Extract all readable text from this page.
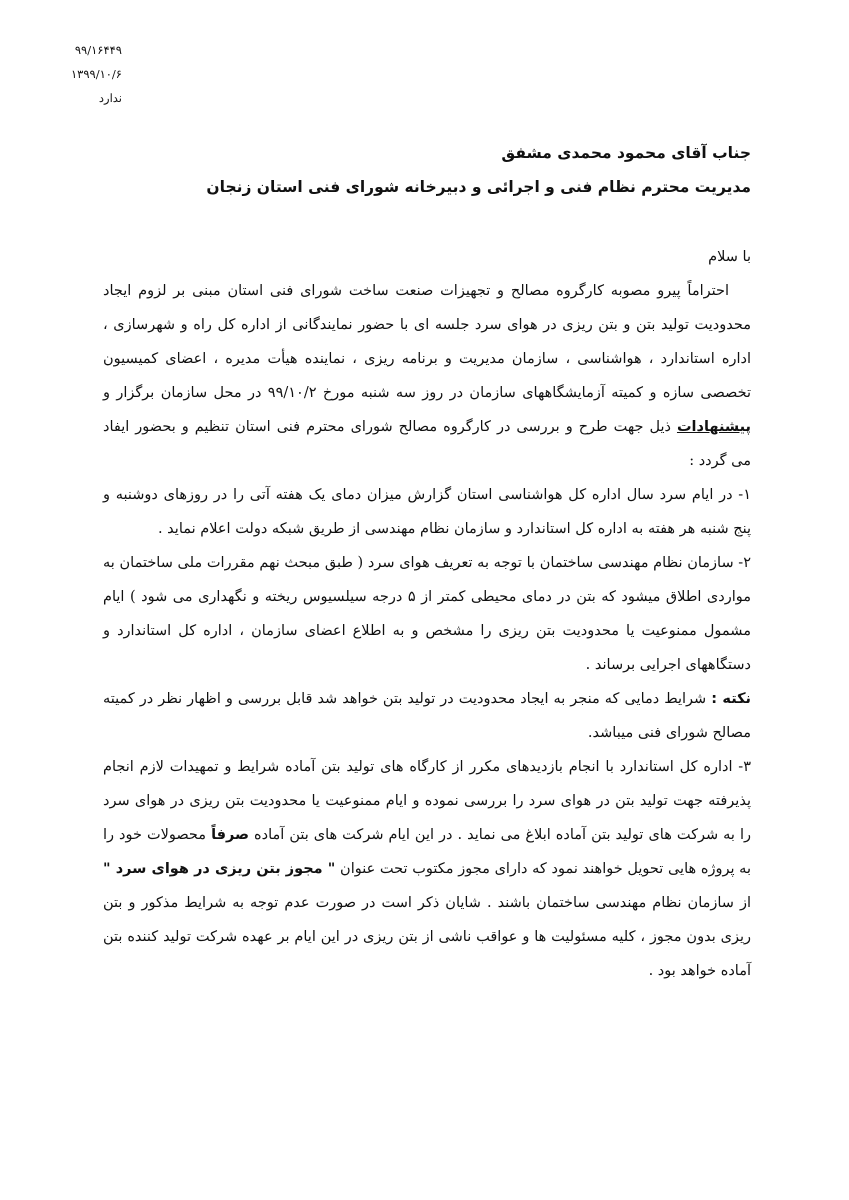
۹۹/۱۶۴۴۹
۱۳۹۹/۱۰/۶
ندارد
جناب آقای محمود محمدی مشفق
مدیریت محترم نظام فنی و اجرائی و دبیرخانه شورای فنی استان زنجان

با سلام

احتراماً پیرو مصوبه کارگروه مصالح و تجهیزات صنعت ساخت شورای فنی استان مبنی بر لزوم ایجاد محدودیت تولید بتن و بتن ریزی در هوای سرد جلسه ای با حضور نمایندگانی از اداره کل راه و شهرسازی ، اداره استاندارد ، هواشناسی ، سازمان مدیریت و برنامه ریزی ، نماینده هیأت مدیره ، اعضای کمیسیون تخصصی سازه و کمیته آزمایشگاههای سازمان در روز سه شنبه مورخ ۹۹/۱۰/۲ در محل سازمان برگزار و پیشنهادات ذیل جهت طرح و بررسی در کارگروه مصالح شورای محترم فنی استان تنظیم و بحضور ایفاد می گردد :

۱- در ایام سرد سال اداره کل هواشناسی استان گزارش میزان دمای یک هفته آتی را در روزهای دوشنبه و پنج شنبه هر هفته به اداره کل استاندارد و سازمان نظام مهندسی از طریق شبکه دولت اعلام نماید .

۲- سازمان نظام مهندسی ساختمان با توجه به تعریف هوای سرد ( طبق مبحث نهم مقررات ملی ساختمان به مواردی اطلاق میشود که بتن در دمای محیطی کمتر از ۵ درجه سیلسیوس ریخته و نگهداری می شود ) ایام مشمول ممنوعیت یا محدودیت بتن ریزی را مشخص و به اطلاع اعضای سازمان ، اداره کل استاندارد و دستگاههای اجرایی برساند .

نکته : شرایط دمایی که منجر به ایجاد محدودیت در تولید بتن خواهد شد قابل بررسی و اظهار نظر در کمیته مصالح شورای فنی میباشد.

۳- اداره کل استاندارد با انجام بازدیدهای مکرر از کارگاه های تولید بتن آماده شرایط و تمهیدات لازم انجام پذیرفته جهت تولید بتن در هوای سرد را بررسی نموده و ایام ممنوعیت یا محدودیت بتن ریزی در هوای سرد را به شرکت های تولید بتن آماده ابلاغ می نماید . در این ایام شرکت های بتن آماده صرفاً محصولات خود را به پروژه هایی تحویل خواهند نمود که دارای مجوز مکتوب تحت عنوان " مجوز بتن ریزی در هوای سرد " از سازمان نظام مهندسی ساختمان باشند . شایان ذکر است در صورت عدم توجه به شرایط مذکور و بتن ریزی بدون مجوز ، کلیه مسئولیت ها و عواقب ناشی از بتن ریزی در این ایام بر عهده شرکت تولید کننده بتن آماده خواهد بود .
